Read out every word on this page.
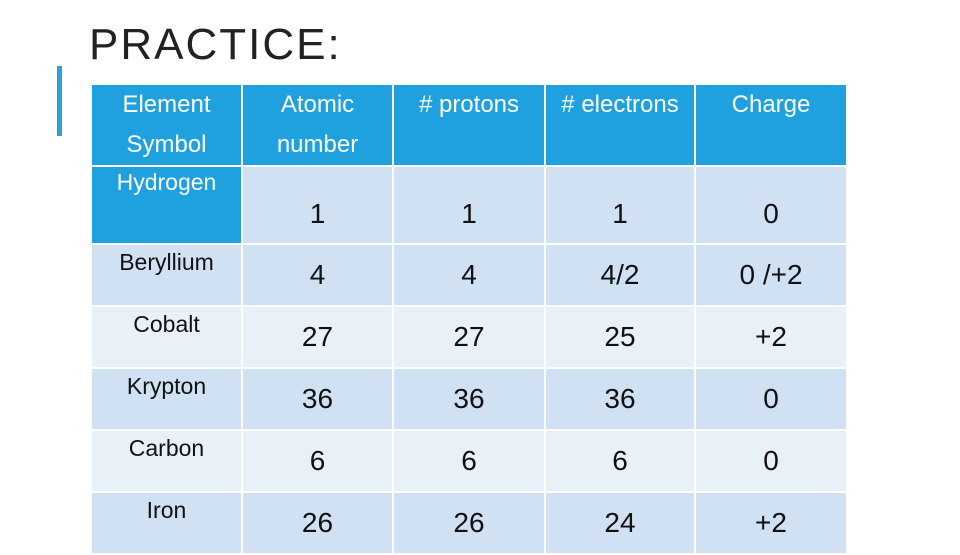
PRACTICE:
Element Symbol	Atomic number	# protons	# electrons	Charge
Hydrogen	1	1	1	0
Beryllium	4	4	4/2	0 /+2
Cobalt	27	27	25	+2
Krypton	36	36	36	0
Carbon	6	6	6	0
Iron	26	26	24	+2
